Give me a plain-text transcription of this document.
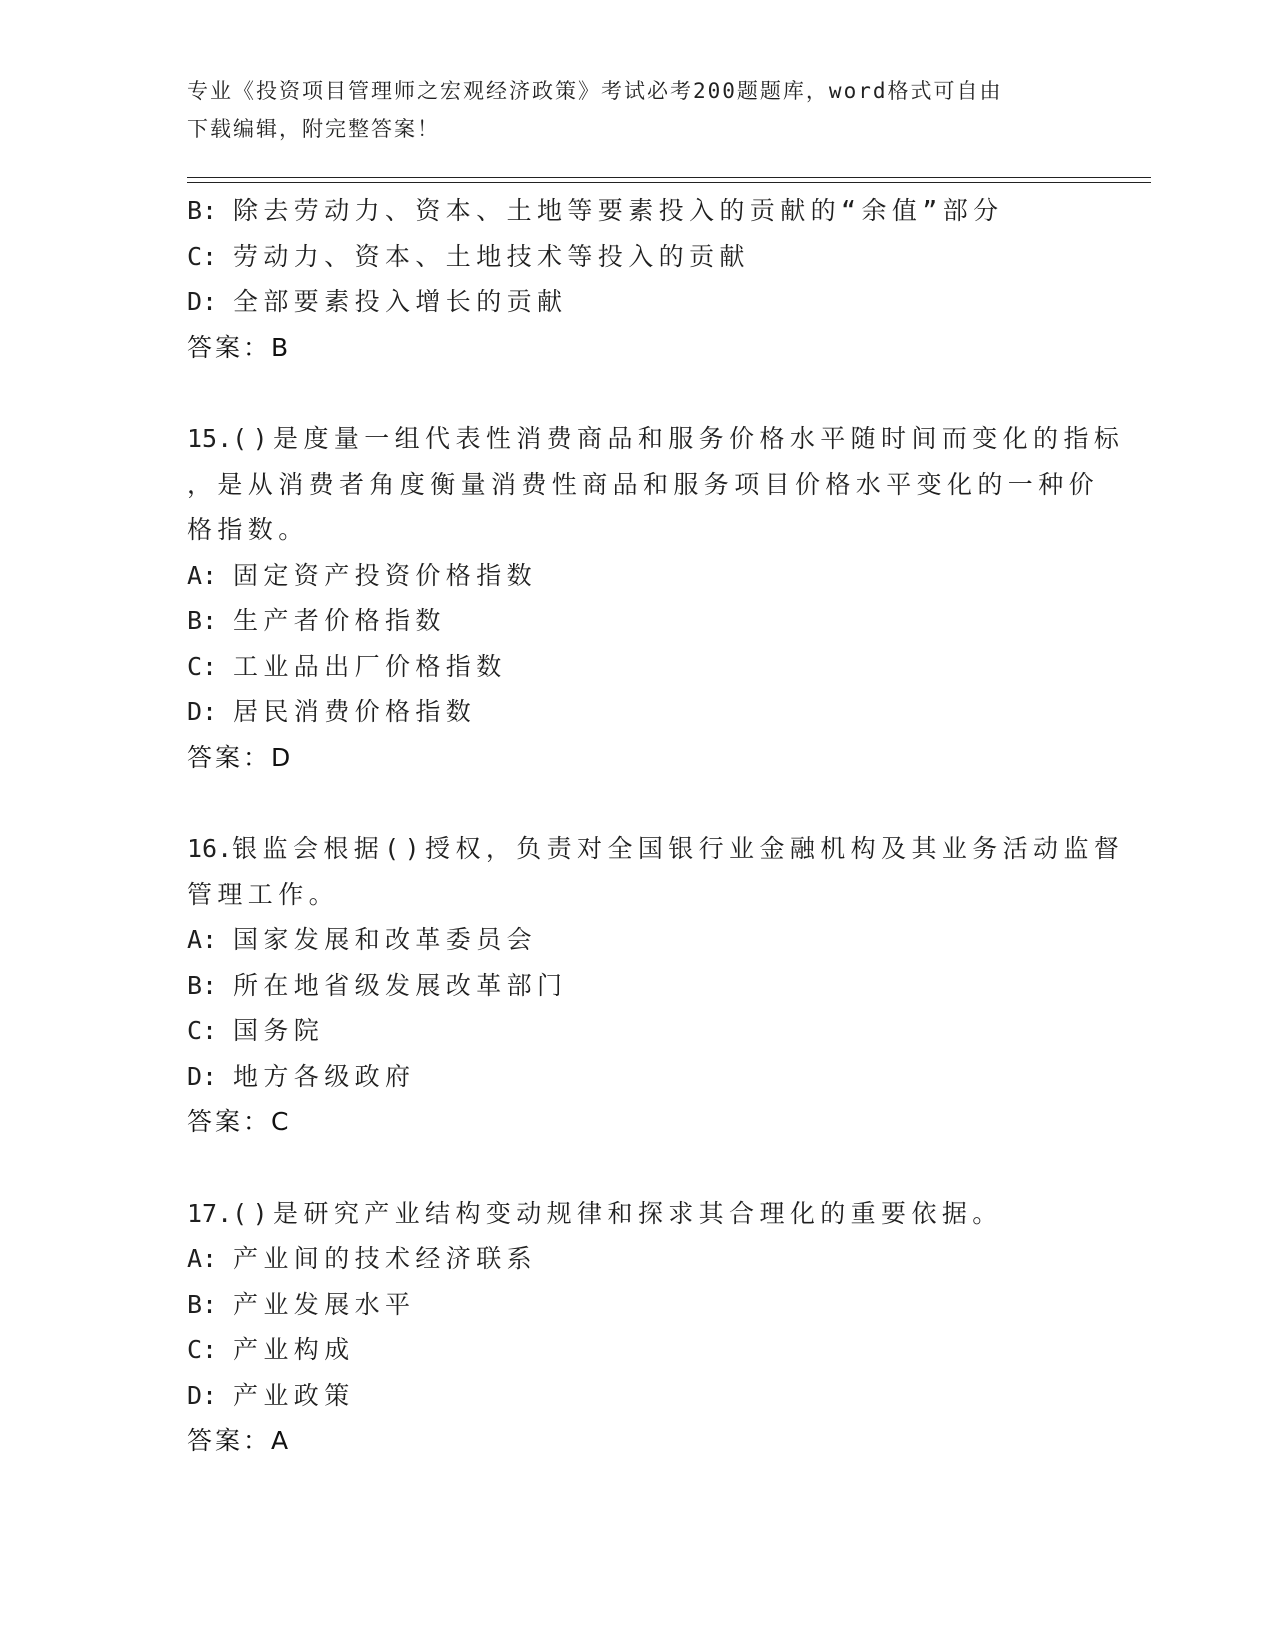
专业《投资项目管理师之宏观经济政策》考试必考200题题库，word格式可自由
下载编辑，附完整答案！
B: 除去劳动力、资本、土地等要素投入的贡献的“余值”部分
C: 劳动力、资本、土地技术等投入的贡献
D: 全部要素投入增长的贡献
答案：B
15.()是度量一组代表性消费商品和服务价格水平随时间而变化的指标
，是从消费者角度衡量消费性商品和服务项目价格水平变化的一种价
格指数。
A: 固定资产投资价格指数
B: 生产者价格指数
C: 工业品出厂价格指数
D: 居民消费价格指数
答案：D
16.银监会根据()授权，负责对全国银行业金融机构及其业务活动监督
管理工作。
A: 国家发展和改革委员会
B: 所在地省级发展改革部门
C: 国务院
D: 地方各级政府
答案：C
17.()是研究产业结构变动规律和探求其合理化的重要依据。
A: 产业间的技术经济联系
B: 产业发展水平
C: 产业构成
D: 产业政策
答案：A
